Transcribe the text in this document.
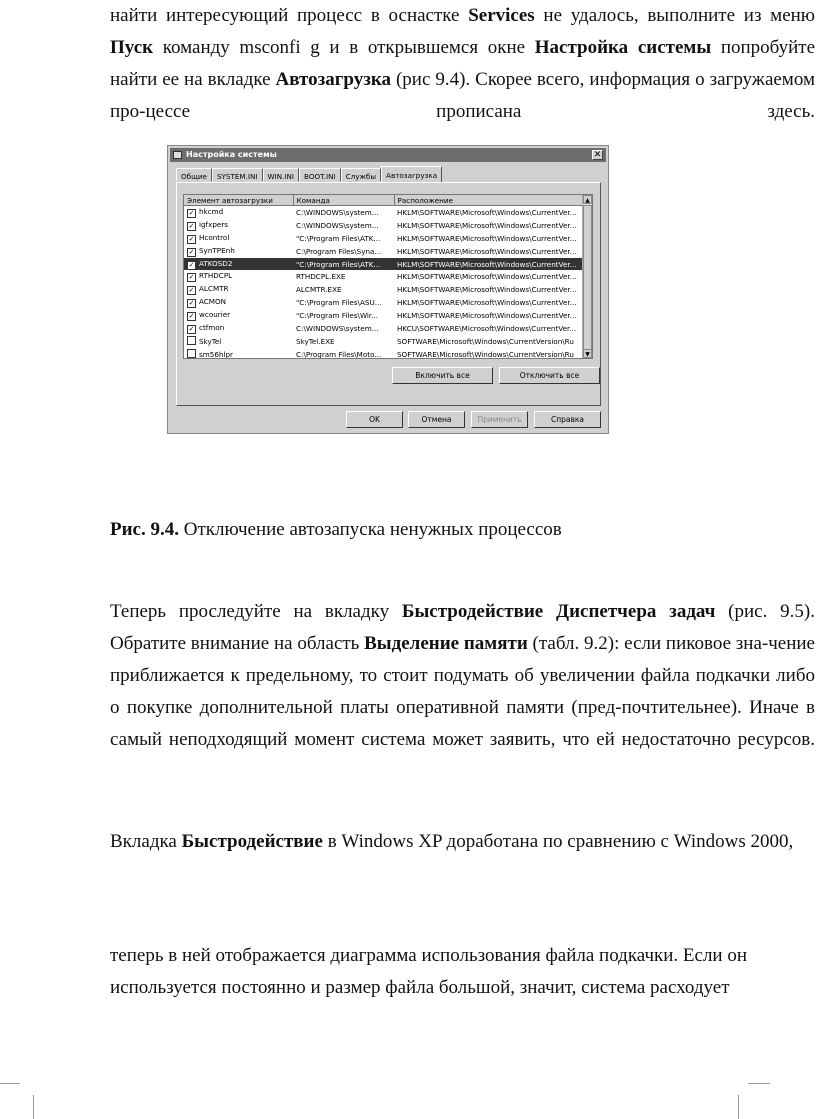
найти интересующий процесс в оснастке Services не удалось, выполните из меню Пуск команду msconfi g и в открывшемся окне Настройка системы попробуйте найти ее на вкладке Автозагрузка (рис 9.4). Скорее всего, информация о загружаемом про-цессе прописана здесь.

Настройка системы	✕
Общие	SYSTEM.INI	WIN.INI	BOOT.INI	Службы	Автозагрузка
Элемент автозагрузки	Команда	Расположение
✓ hkcmd	C:\WINDOWS\system...	HKLM\SOFTWARE\Microsoft\Windows\CurrentVer...
✓ igfxpers	C:\WINDOWS\system...	HKLM\SOFTWARE\Microsoft\Windows\CurrentVer...
✓ Hcontrol	"C:\Program Files\ATK...	HKLM\SOFTWARE\Microsoft\Windows\CurrentVer...
✓ SynTPEnh	C:\Program Files\Syna...	HKLM\SOFTWARE\Microsoft\Windows\CurrentVer...
✓ ATKOSD2	"C:\Program Files\ATK...	HKLM\SOFTWARE\Microsoft\Windows\CurrentVer...
✓ RTHDCPL	RTHDCPL.EXE	HKLM\SOFTWARE\Microsoft\Windows\CurrentVer...
✓ ALCMTR	ALCMTR.EXE	HKLM\SOFTWARE\Microsoft\Windows\CurrentVer...
✓ ACMON	"C:\Program Files\ASU...	HKLM\SOFTWARE\Microsoft\Windows\CurrentVer...
✓ wcourier	"C:\Program Files\Wir...	HKLM\SOFTWARE\Microsoft\Windows\CurrentVer...
✓ ctfmon	C:\WINDOWS\system...	HKCU\SOFTWARE\Microsoft\Windows\CurrentVer...
SkyTel	SkyTel.EXE	SOFTWARE\Microsoft\Windows\CurrentVersion\Ru
sm56hlpr	C:\Program Files\Moto...	SOFTWARE\Microsoft\Windows\CurrentVersion\Ru
▲
▼
Включить все	Отключить все
OK	Отмена	Применить	Справка

Рис. 9.4. Отключение автозапуска ненужных процессов

Теперь проследуйте на вкладку Быстродействие Диспетчера задач (рис. 9.5). Обратите внимание на область Выделение памяти (табл. 9.2): если пиковое зна-чение приближается к предельному, то стоит подумать об увеличении файла подкачки либо о покупке дополнительной платы оперативной памяти (пред-почтительнее). Иначе в самый неподходящий момент система может заявить, что ей недостаточно ресурсов.

Вкладка Быстродействие в Windows XP доработана по сравнению с Windows 2000,

теперь в ней отображается диаграмма использования файла подкачки. Если он используется постоянно и размер файла большой, значит, система расходует
